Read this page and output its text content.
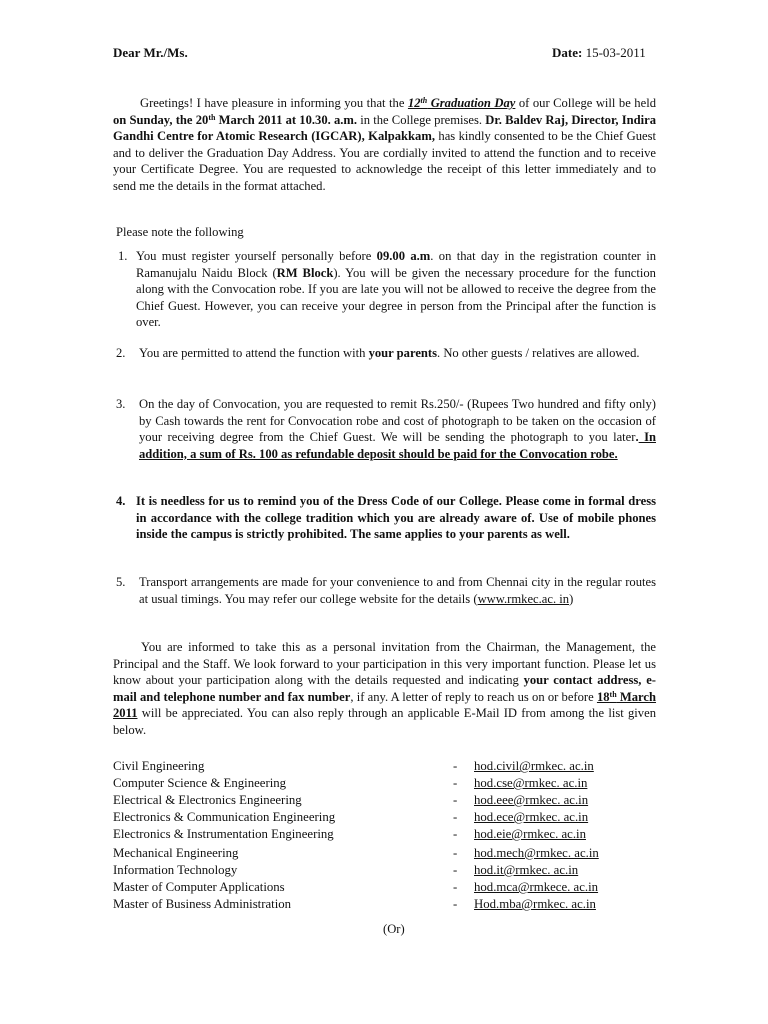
Dear Mr./Ms.	Date: 15-03-2011
Greetings! I have pleasure in informing you that the 12th Graduation Day of our College will be held on Sunday, the 20th March 2011 at 10.30. a.m. in the College premises. Dr. Baldev Raj, Director, Indira Gandhi Centre for Atomic Research (IGCAR), Kalpakkam, has kindly consented to be the Chief Guest and to deliver the Graduation Day Address. You are cordially invited to attend the function and to receive your Certificate Degree. You are requested to acknowledge the receipt of this letter immediately and to send me the details in the format attached.
Please note the following
1. You must register yourself personally before 09.00 a.m. on that day in the registration counter in Ramanujalu Naidu Block (RM Block). You will be given the necessary procedure for the function along with the Convocation robe. If you are late you will not be allowed to receive the degree from the Chief Guest. However, you can receive your degree in person from the Principal after the function is over.
2. You are permitted to attend the function with your parents. No other guests / relatives are allowed.
3. On the day of Convocation, you are requested to remit Rs.250/- (Rupees Two hundred and fifty only) by Cash towards the rent for Convocation robe and cost of photograph to be taken on the occasion of your receiving degree from the Chief Guest. We will be sending the photograph to you later. In addition, a sum of Rs. 100 as refundable deposit should be paid for the Convocation robe.
4. It is needless for us to remind you of the Dress Code of our College. Please come in formal dress in accordance with the college tradition which you are already aware of. Use of mobile phones inside the campus is strictly prohibited. The same applies to your parents as well.
5. Transport arrangements are made for your convenience to and from Chennai city in the regular routes at usual timings. You may refer our college website for the details (www.rmkec.ac. in)
You are informed to take this as a personal invitation from the Chairman, the Management, the Principal and the Staff. We look forward to your participation in this very important function. Please let us know about your participation along with the details requested and indicating your contact address, e-mail and telephone number and fax number, if any. A letter of reply to reach us on or before 18th March 2011 will be appreciated. You can also reply through an applicable E-Mail ID from among the list given below.
Civil Engineering	- hod.civil@rmkec. ac.in
Computer Science & Engineering	- hod.cse@rmkec. ac.in
Electrical & Electronics Engineering	- hod.eee@rmkec. ac.in
Electronics & Communication Engineering	- hod.ece@rmkec. ac.in
Electronics & Instrumentation Engineering	- hod.eie@rmkec. ac.in
Mechanical Engineering	- hod.mech@rmkec. ac.in
Information Technology	- hod.it@rmkec. ac.in
Master of Computer Applications	- hod.mca@rmkece. ac.in
Master of Business Administration	- Hod.mba@rmkec. ac.in
(Or)
